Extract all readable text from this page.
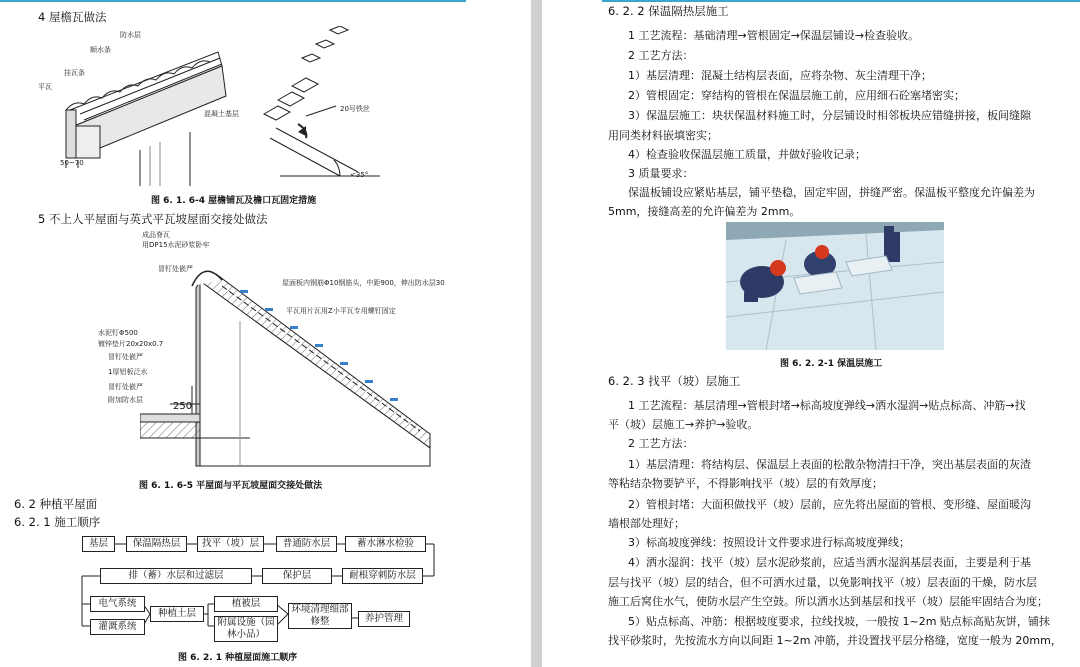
4 屋檐瓦做法
防水层
顺水条
挂瓦条
平瓦
混凝土基层
20号铁丝
50~70
<35°
图 6. 1. 6-4 屋檐铺瓦及檐口瓦固定措施
5 不上人平屋面与英式平瓦坡屋面交接处做法
成品脊瓦
用DP15水泥砂浆卧牢
冒钉处嵌严
屋面板内钢筋Φ10钢筋头，中距900，伸出防水层30
平瓦用片瓦用Z小平瓦专用螺钉固定
水泥钉Φ500
镀锌垫片20x20x0.7
冒钉处嵌严
1厚铝板泛水
冒钉处嵌严
附加防水层
250
图 6. 1. 6-5 平屋面与平瓦坡屋面交接处做法
6. 2 种植平屋面
6. 2. 1 施工顺序
基层	保温隔热层	找平（坡）层	普通防水层	蓄水淋水检验
排（蓄）水层和过滤层	保护层	耐根穿刺防水层
电气系统
灌溉系统
种植土层
植被层
附属设施（园林小品）
环境清理细部修整	养护管理
图 6. 2. 1 种植屋面施工顺序
6. 2. 2 保温隔热层施工
1 工艺流程：基础清理→管根固定→保温层铺设→检查验收。
2 工艺方法：
1）基层清理：混凝土结构层表面，应将杂物、灰尘清理干净；
2）管根固定：穿结构的管根在保温层施工前，应用细石砼塞堵密实；
3）保温层施工：块状保温材料施工时，分层铺设时相邻板块应错缝拼接，板间缝隙
用同类材料嵌填密实；
4）检查验收保温层施工质量，并做好验收记录；
3 质量要求：
保温板铺设应紧贴基层，铺平垫稳，固定牢固，拼缝严密。保温板平整度允许偏差为
5mm，接缝高差的允许偏差为 2mm。
图 6. 2. 2-1 保温层施工
6. 2. 3 找平（坡）层施工
1 工艺流程：基层清理→管根封堵→标高坡度弹线→洒水湿润→贴点标高、冲筋→找
平（坡）层施工→养护→验收。
2 工艺方法：
1）基层清理：将结构层、保温层上表面的松散杂物清扫干净，突出基层表面的灰渣
等粘结杂物要铲平，不得影响找平（坡）层的有效厚度；
2）管根封堵：大面积做找平（坡）层前，应先将出屋面的管根、变形缝、屋面暖沟
墙根部处理好；
3）标高坡度弹线：按照设计文件要求进行标高坡度弹线；
4）洒水湿润：找平（坡）层水泥砂浆前，应适当洒水湿润基层表面，主要是利于基
层与找平（坡）层的结合，但不可洒水过量，以免影响找平（坡）层表面的干燥，防水层
施工后窝住水气，使防水层产生空鼓。所以洒水达到基层和找平（坡）层能牢固结合为度；
5）贴点标高、冲筋：根据坡度要求，拉线找坡，一般按 1~2m 贴点标高贴灰饼，铺抹
找平砂浆时，先按流水方向以间距 1~2m 冲筋，并设置找平层分格缝，宽度一般为 20mm，
